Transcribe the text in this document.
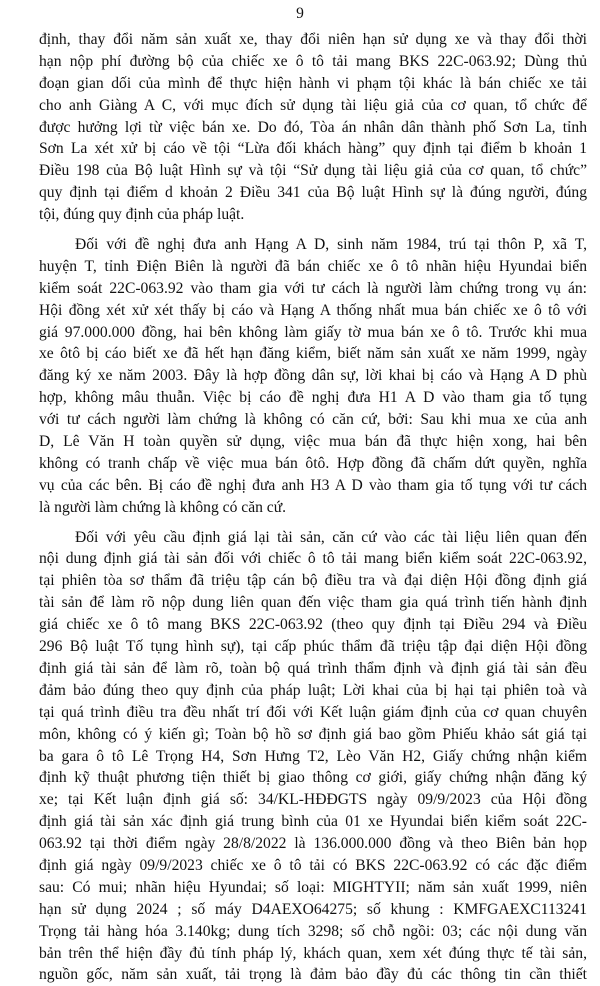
9
định, thay đổi năm sản xuất xe, thay đổi niên hạn sử dụng xe và thay đổi thời
hạn nộp phí đường bộ của chiếc xe ô tô tải mang BKS 22C-063.92; Dùng thủ
đoạn gian dối của mình để thực hiện hành vi phạm tội khác là bán chiếc xe tải
cho anh Giàng A C, với mục đích sử dụng tài liệu giả của cơ quan, tổ chức để
được hưởng lợi từ việc bán xe. Do đó, Tòa án nhân dân thành phố Sơn La, tỉnh
Sơn La xét xử bị cáo về tội “Lừa đối khách hàng” quy định tại điểm b khoản 1
Điều 198 của Bộ luật Hình sự và tội “Sử dụng tài liệu giả của cơ quan, tổ chức”
quy định tại điểm d khoản 2 Điều 341 của Bộ luật Hình sự là đúng người, đúng
tội, đúng quy định của pháp luật.
Đối với đề nghị đưa anh Hạng A D, sinh năm 1984, trú tại thôn P, xã T,
huyện T, tỉnh Điện Biên là người đã bán chiếc xe ô tô nhãn hiệu Hyundai biển
kiểm soát 22C-063.92 vào tham gia với tư cách là người làm chứng trong vụ án:
Hội đồng xét xử xét thấy bị cáo và Hạng A thống nhất mua bán chiếc xe ô tô với
giá 97.000.000 đồng, hai bên không làm giấy tờ mua bán xe ô tô. Trước khi mua
xe ôtô bị cáo biết xe đã hết hạn đăng kiểm, biết năm sản xuất xe năm 1999, ngày
đăng ký xe năm 2003. Đây là hợp đồng dân sự, lời khai bị cáo và Hạng A D phù
hợp, không mâu thuẫn. Việc bị cáo đề nghị đưa H1 A D vào tham gia tố tụng
với tư cách người làm chứng là không có căn cứ, bởi: Sau khi mua xe của anh
D, Lê Văn H toàn quyền sử dụng, việc mua bán đã thực hiện xong, hai bên
không có tranh chấp về việc mua bán ôtô. Hợp đồng đã chấm dứt quyền, nghĩa
vụ của các bên. Bị cáo đề nghị đưa anh H3 A D vào tham gia tố tụng với tư cách
là người làm chứng là không có căn cứ.
Đối với yêu cầu định giá lại tài sản, căn cứ vào các tài liệu liên quan đến
nội dung định giá tài sản đối với chiếc ô tô tải mang biển kiểm soát 22C-063.92,
tại phiên tòa sơ thẩm đã triệu tập cán bộ điều tra và đại diện Hội đồng định giá
tài sản để làm rõ nộp dung liên quan đến việc tham gia quá trình tiến hành định
giá chiếc xe ô tô mang BKS 22C-063.92 (theo quy định tại Điều 294 và Điều
296 Bộ luật Tố tụng hình sự), tại cấp phúc thẩm đã triệu tập đại diện Hội đồng
định giá tài sản để làm rõ, toàn bộ quá trình thẩm định và định giá tài sản đều
đảm bảo đúng theo quy định của pháp luật; Lời khai của bị hại tại phiên toà và
tại quá trình điều tra đều nhất trí đối với Kết luận giám định của cơ quan chuyên
môn, không có ý kiến gì; Toàn bộ hồ sơ định giá bao gồm Phiếu khảo sát giá tại
ba gara ô tô Lê Trọng H4, Sơn Hưng T2, Lèo Văn H2, Giấy chứng nhận kiểm
định kỹ thuật phương tiện thiết bị giao thông cơ giới, giấy chứng nhận đăng ký
xe; tại Kết luận định giá số: 34/KL-HĐĐGTS ngày 09/9/2023 của Hội đồng
định giá tài sản xác định giá trung bình của 01 xe Hyundai biển kiểm soát 22C-
063.92 tại thời điểm ngày 28/8/2022 là 136.000.000 đồng và theo Biên bản họp
định giá ngày 09/9/2023 chiếc xe ô tô tải có BKS 22C-063.92 có các đặc điểm
sau: Có mui; nhãn hiệu Hyundai; số loại: MIGHTYII; năm sản xuất 1999, niên
hạn sử dụng 2024 ; số máy D4AEXO64275; số khung : KMFGAEXC113241
Trọng tải hàng hóa 3.140kg; dung tích 3298; số chỗ ngồi: 03; các nội dung văn
bản trên thể hiện đầy đủ tính pháp lý, khách quan, xem xét đúng thực tế tài sản,
nguồn gốc, năm sản xuất, tải trọng là đảm bảo đầy đủ các thông tin cần thiết
